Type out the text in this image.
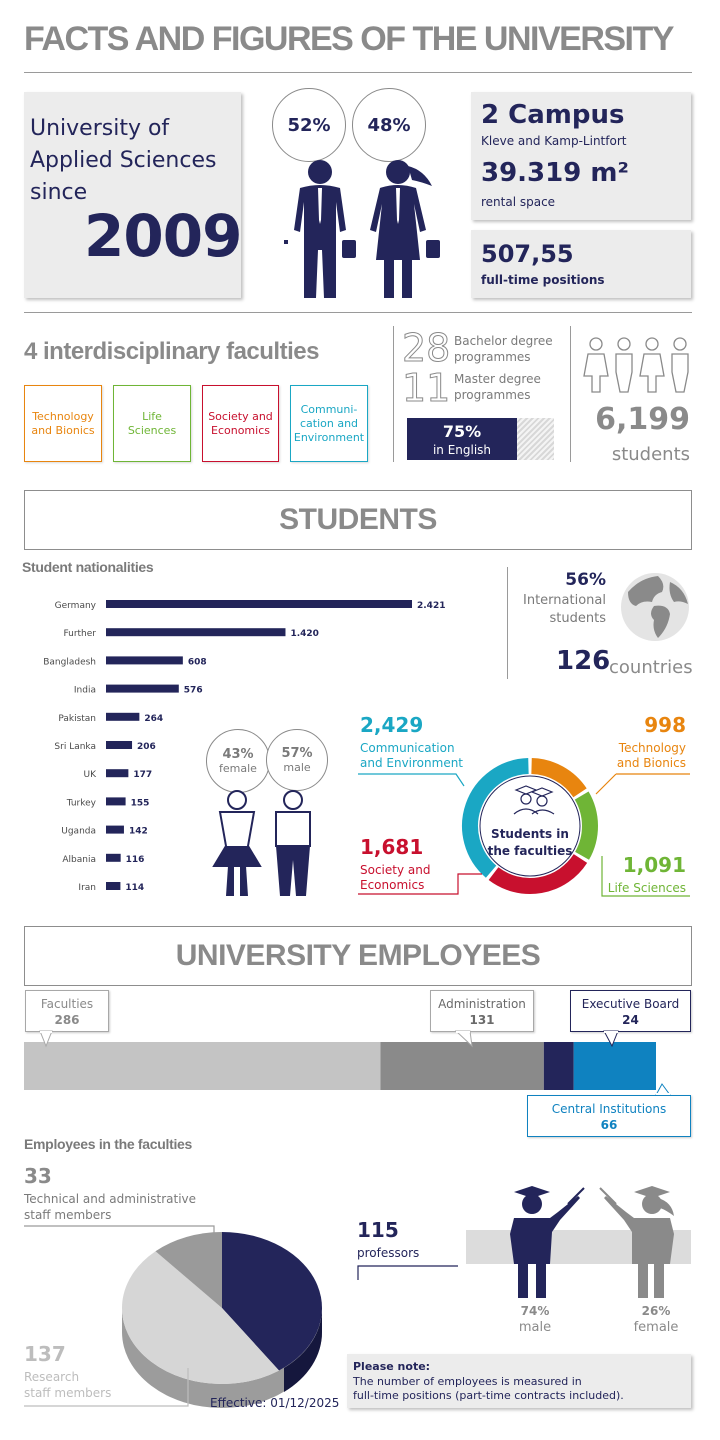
FACTS AND FIGURES OF THE UNIVERSITY
University of
Applied Sciences
since
2009
52% 48%	2 Campus
Kleve and Kamp-Lintfort
39.319 m²
rental space
507,55
full-time positions
4 interdisciplinary faculties
Technology and Bionics
Life Sciences
Society and Economics
Communi-cation and Environment
28 Bachelor degree
programmes
11 Master degree
programmes
75%
in English
6,199
students
STUDENTS
Student nationalities
Germany	2.421
Further	1.420
Bangladesh	608
India	576
Pakistan	264
Sri Lanka	206
UK	177
Turkey	155
Uganda	142
Albania	116
Iran	114
56%
International
students
126
countries
43%
female
57%
male
Students in
the faculties
2,429
Communication
and Environment
998
Technology
and Bionics
1,091
Life Sciences
1,681
Society and
Economics
UNIVERSITY EMPLOYEES
Faculties
286
Administration
131
Executive Board
24
Central Institutions
66
Employees in the faculties
33
Technical and administrative
staff members
115
professors
137
Research
staff members
74%
male
26%
female
Effective: 01/12/2025
Please note:
The number of employees is measured in
full-time positions (part-time contracts included).
